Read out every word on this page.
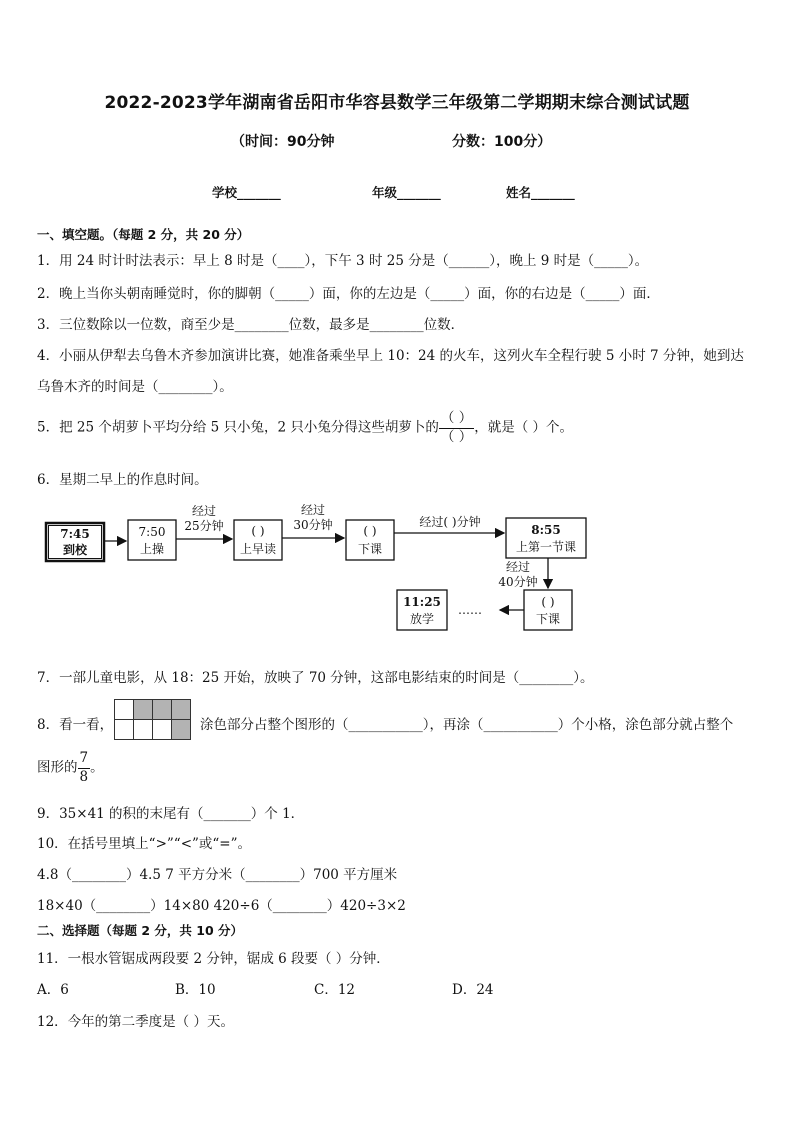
2022-2023学年湖南省岳阳市华容县数学三年级第二学期期末综合测试试题
（时间：90分钟	分数：100分）
学校_______	年级_______	姓名_______
一、填空题。（每题 2 分，共 20 分）
1．用 24 时计时法表示：早上 8 时是（____），下午 3 时 25 分是（______），晚上 9 时是（_____）。
2．晚上当你头朝南睡觉时，你的脚朝（_____）面，你的左边是（_____）面，你的右边是（_____）面．
3．三位数除以一位数，商至少是________位数，最多是________位数．
4．小丽从伊犁去乌鲁木齐参加演讲比赛，她准备乘坐早上 10：24 的火车，这列火车全程行驶 5 小时 7 分钟，她到达
乌鲁木齐的时间是（________）。
5．把 25 个胡萝卜平均分给 5 只小兔，2 只小兔分得这些胡萝卜的 $\frac{( )}{( )}$ ，就是（ ）个。
6．星期二早上的作息时间。
7:45
到校
7:50
上操
经过
25分钟 ( )
上早读
经过
30分钟	( )
下课
经过( )分钟
8:55
上第一节课
经过
40分钟
( )
下课
……
11:25
放学
7．一部儿童电影，从 18：25 开始，放映了 70 分钟，这部电影结束的时间是（________）。
8．看一看，	涂色部分占整个图形的（___________），再涂（___________）个小格，涂色部分就占整个
图形的 $\frac{7}{8}$ 。
9．35×41 的积的末尾有（_______）个 1．
10．在括号里填上“>”“<”或“=”。
4.8（________）4.5 7 平方分米（________）700 平方厘米
18×40（________）14×80 420÷6（________）420÷3×2
二、选择题（每题 2 分，共 10 分）
11．一根水管锯成两段要 2 分钟，锯成 6 段要（ ）分钟．
A．6	B．10	C．12	D．24
12．今年的第二季度是（ ）天。
